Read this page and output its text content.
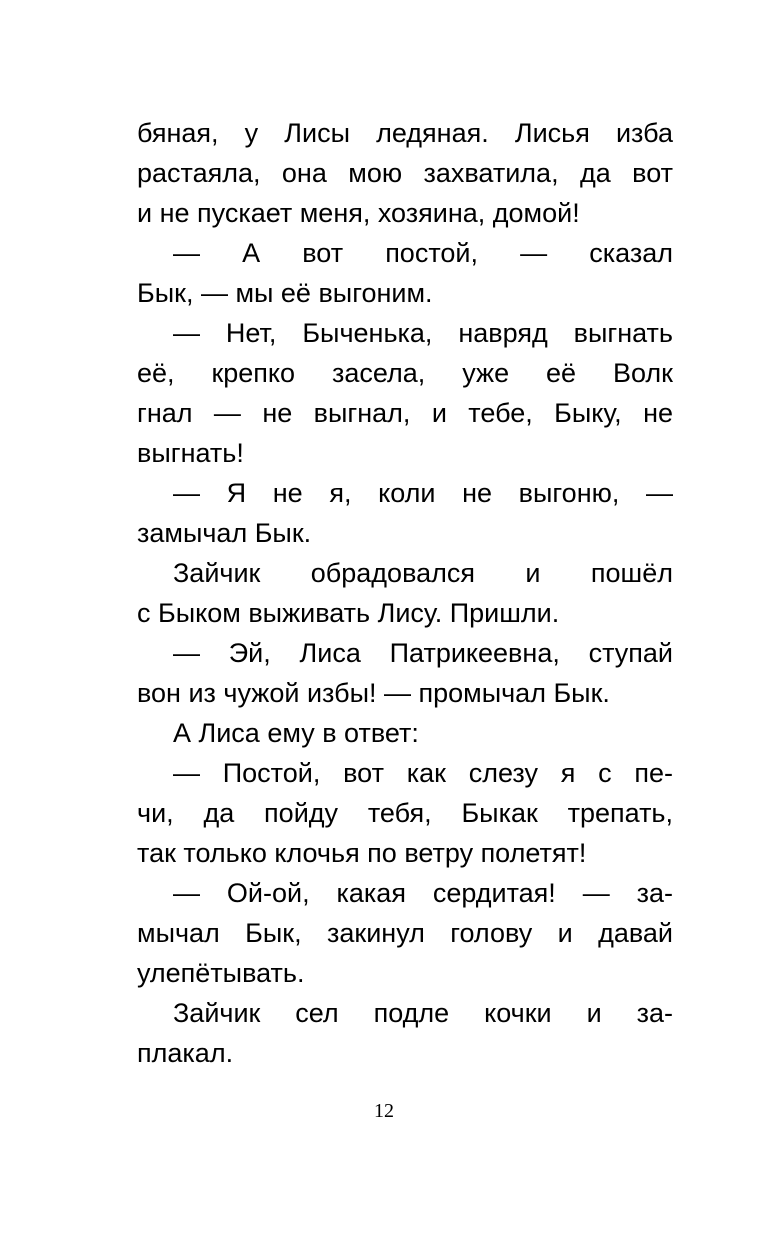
бяная, у Лисы ледяная. Лисья изба
растаяла, она мою захватила, да вот
и не пускает меня, хозяина, домой!
— А вот постой, — сказал
Бык, — мы её выгоним.
— Нет, Быченька, навряд выгнать
её, крепко засела, уже её Волк
гнал — не выгнал, и тебе, Быку, не
выгнать!
— Я не я, коли не выгоню, —
замычал Бык.
Зайчик обрадовался и пошёл
с Быком выживать Лису. Пришли.
— Эй, Лиса Патрикеевна, ступай
вон из чужой избы! — промычал Бык.
А Лиса ему в ответ:
— Постой, вот как слезу я с пе-
чи, да пойду тебя, Быкак трепать,
так только клочья по ветру полетят!
— Ой-ой, какая сердитая! — за-
мычал Бык, закинул голову и давай
улепётывать.
Зайчик сел подле кочки и за-
плакал.
12
